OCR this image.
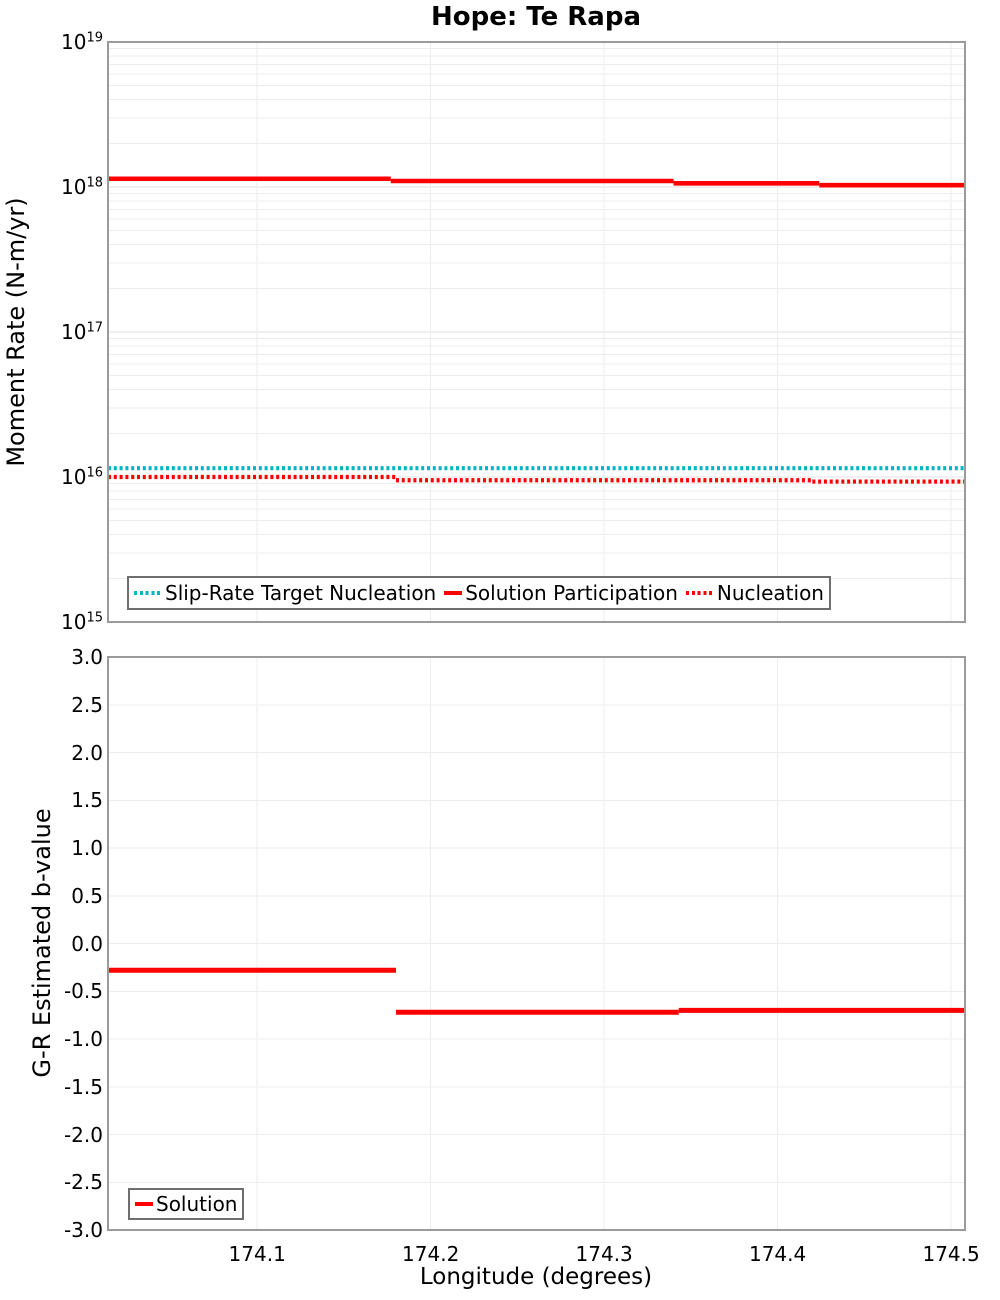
Hope: Te Rapa
Moment Rate (N-m/yr)
G-R Estimated b-value
Longitude (degrees)
Slip-Rate Target Nucleation Solution Participation Nucleation
Solution
$10^{19}$
$10^{18}$
$10^{17}$
$10^{16}$
$10^{15}$
3.0
2.5
2.0
1.5
1.0
0.5
0.0
-0.5
-1.0
-1.5
-2.0
-2.5
-3.0
174.1	174.2	174.3	174.4	174.5
